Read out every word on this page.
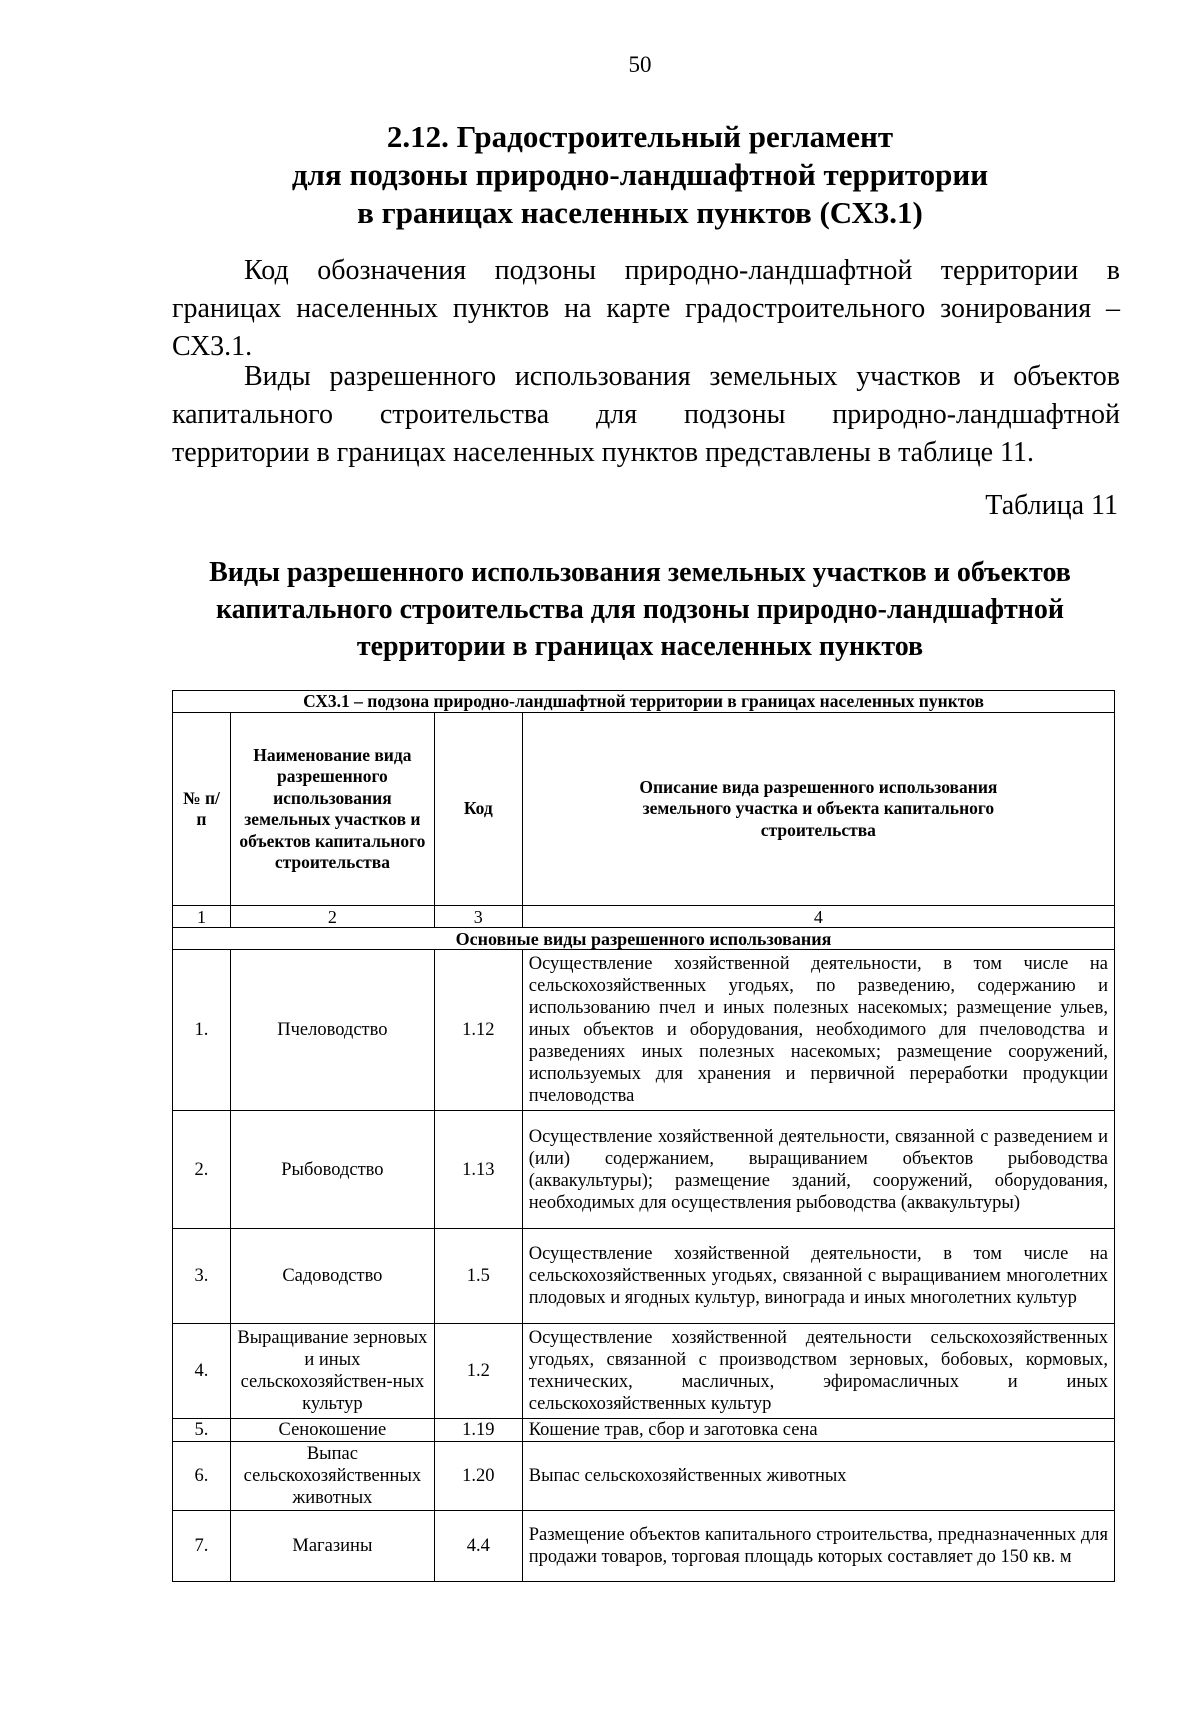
50
2.12. Градостроительный регламент
для подзоны природно-ландшафтной территории
в границах населенных пунктов (СХ3.1)
Код обозначения подзоны природно-ландшафтной территории в
границах населенных пунктов на карте градостроительного зонирования –
СХ3.1.
Виды разрешенного использования земельных участков и объектов
капитального строительства для подзоны природно-ландшафтной
территории в границах населенных пунктов представлены в таблице 11.
Таблица 11
Виды разрешенного использования земельных участков и объектов
капитального строительства для подзоны природно-ландшафтной
территории в границах населенных пунктов
СХ3.1 – подзона природно-ландшафтной территории в границах населенных пунктов			
№ п/п	Наименование вида разрешенного использования земельных участков и объектов капитального строительства	Код	Описание вида разрешенного использования земельного участка и объекта капитального строительства
1	2	3	4
Основные виды разрешенного использования			
1.	Пчеловодство	1.12	Осуществление хозяйственной деятельности, в том числе на сельскохозяйственных угодьях, по разведению, содержанию и использованию пчел и иных полезных насекомых; размещение ульев, иных объектов и оборудования, необходимого для пчеловодства и разведениях иных полезных насекомых; размещение сооружений, используемых для хранения и первичной переработки продукции пчеловодства
2.	Рыбоводство	1.13	Осуществление хозяйственной деятельности, связанной с разведением и (или) содержанием, выращиванием объектов рыбоводства (аквакультуры); размещение зданий, сооружений, оборудования, необходимых для осуществления рыбоводства (аквакультуры)
3.	Садоводство	1.5	Осуществление хозяйственной деятельности, в том числе на сельскохозяйственных угодьях, связанной с выращиванием многолетних плодовых и ягодных культур, винограда и иных многолетних культур
4.	Выращивание зерновых и иных сельскохозяйствен-ных культур	1.2	Осуществление хозяйственной деятельности сельскохозяйственных угодьях, связанной с производством зерновых, бобовых, кормовых, технических, масличных, эфиромасличных и иных сельскохозяйственных культур
5.	Сенокошение	1.19	Кошение трав, сбор и заготовка сена
6.	Выпас сельскохозяйственных животных	1.20	Выпас сельскохозяйственных животных
7.	Магазины	4.4	Размещение объектов капитального строительства, предназначенных для продажи товаров, торговая площадь которых составляет до 150 кв. м
